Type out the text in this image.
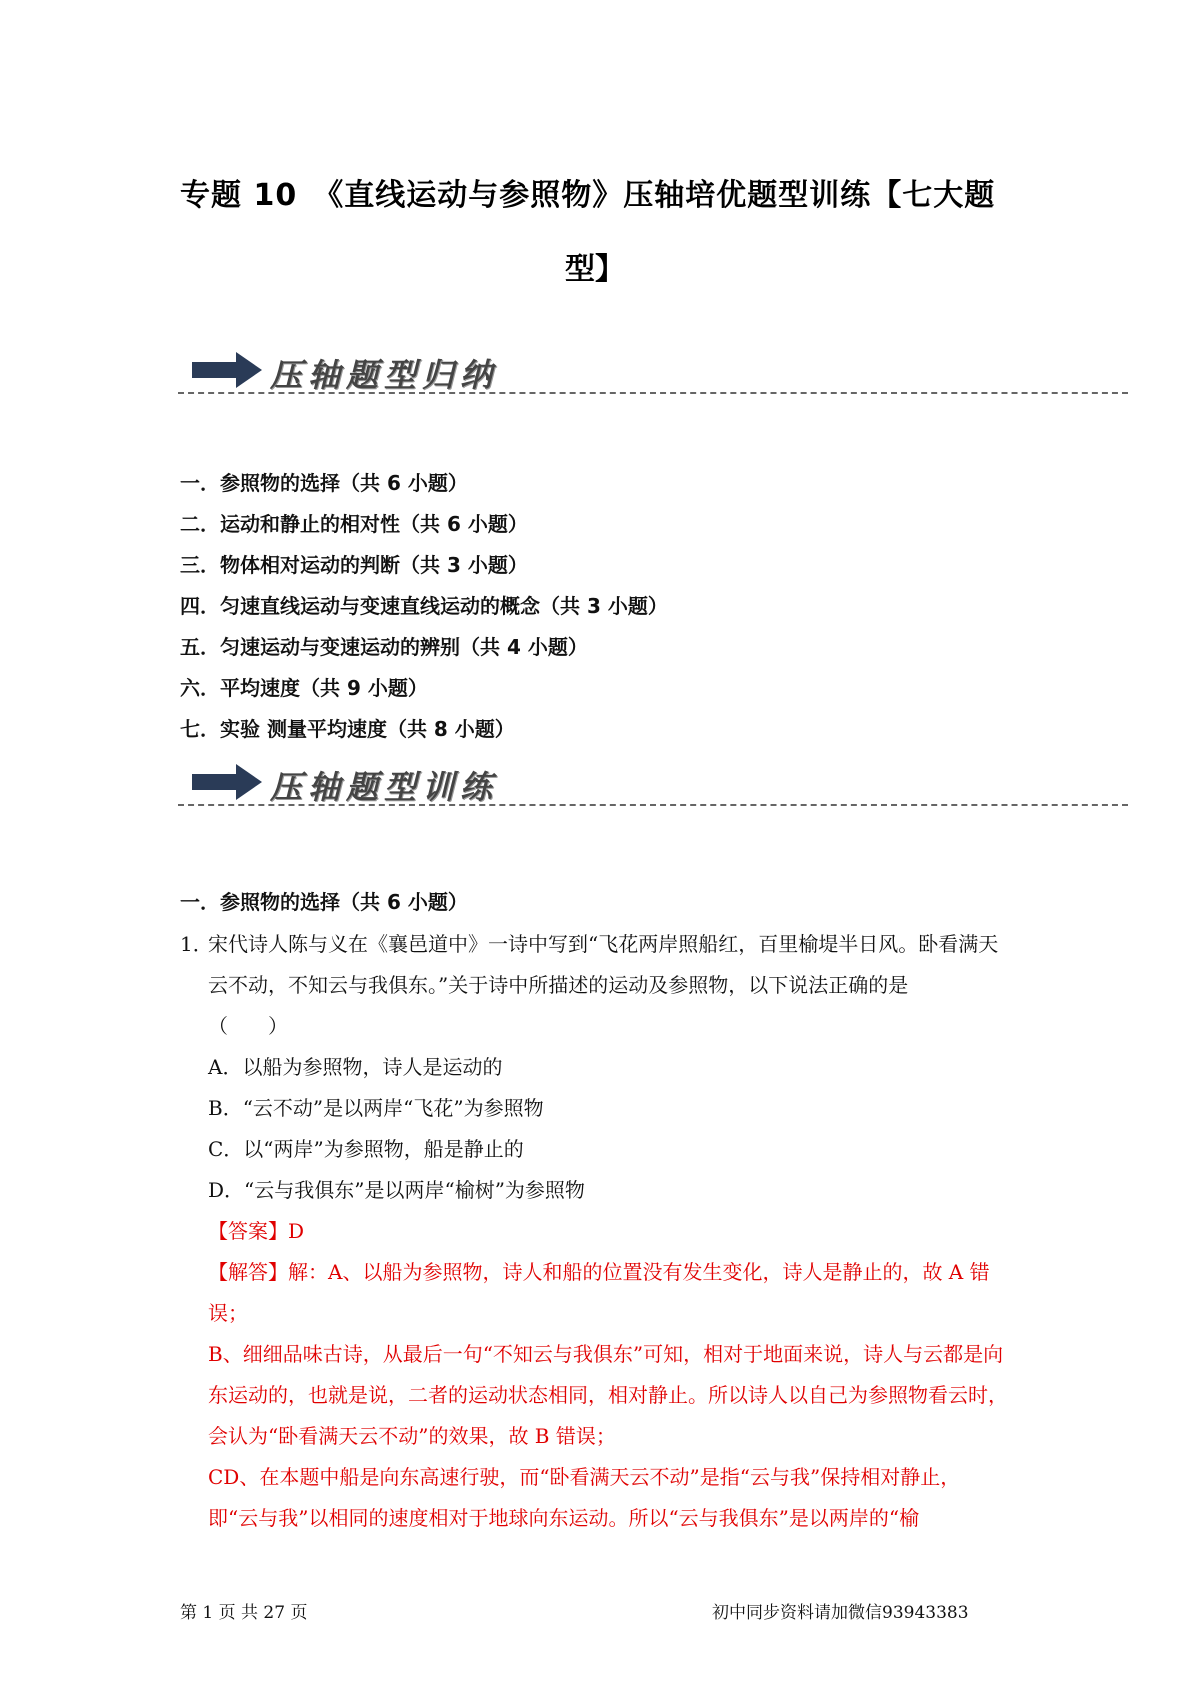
专题 10　《直线运动与参照物》压轴培优题型训练【七大题
型】
压轴题型归纳
一．参照物的选择（共 6 小题）
二．运动和静止的相对性（共 6 小题）
三．物体相对运动的判断（共 3 小题）
四．匀速直线运动与变速直线运动的概念（共 3 小题）
五．匀速运动与变速运动的辨别（共 4 小题）
六．平均速度（共 9 小题）
七．实验 测量平均速度（共 8 小题）
压轴题型训练
一．参照物的选择（共 6 小题）
1．
宋代诗人陈与义在《襄邑道中》一诗中写到“飞花两岸照船红，百里榆堤半日风。卧看满天云不动，不知云与我俱东。”关于诗中所描述的运动及参照物，以下说法正确的是
（　　）
A．以船为参照物，诗人是运动的
B．“云不动”是以两岸“飞花”为参照物
C．以“两岸”为参照物，船是静止的
D．“云与我俱东”是以两岸“榆树”为参照物

【答案】D

【解答】解：A、以船为参照物，诗人和船的位置没有发生变化，诗人是静止的，故 A 错误；

B、细细品味古诗，从最后一句“不知云与我俱东”可知，相对于地面来说，诗人与云都是向东运动的，也就是说，二者的运动状态相同，相对静止。所以诗人以自己为参照物看云时，会认为“卧看满天云不动”的效果，故 B 错误；

CD、在本题中船是向东高速行驶，而“卧看满天云不动”是指“云与我”保持相对静止，即“云与我”以相同的速度相对于地球向东运动。所以“云与我俱东”是以两岸的“榆

第 1 页 共 27 页	初中同步资料请加微信93943383
